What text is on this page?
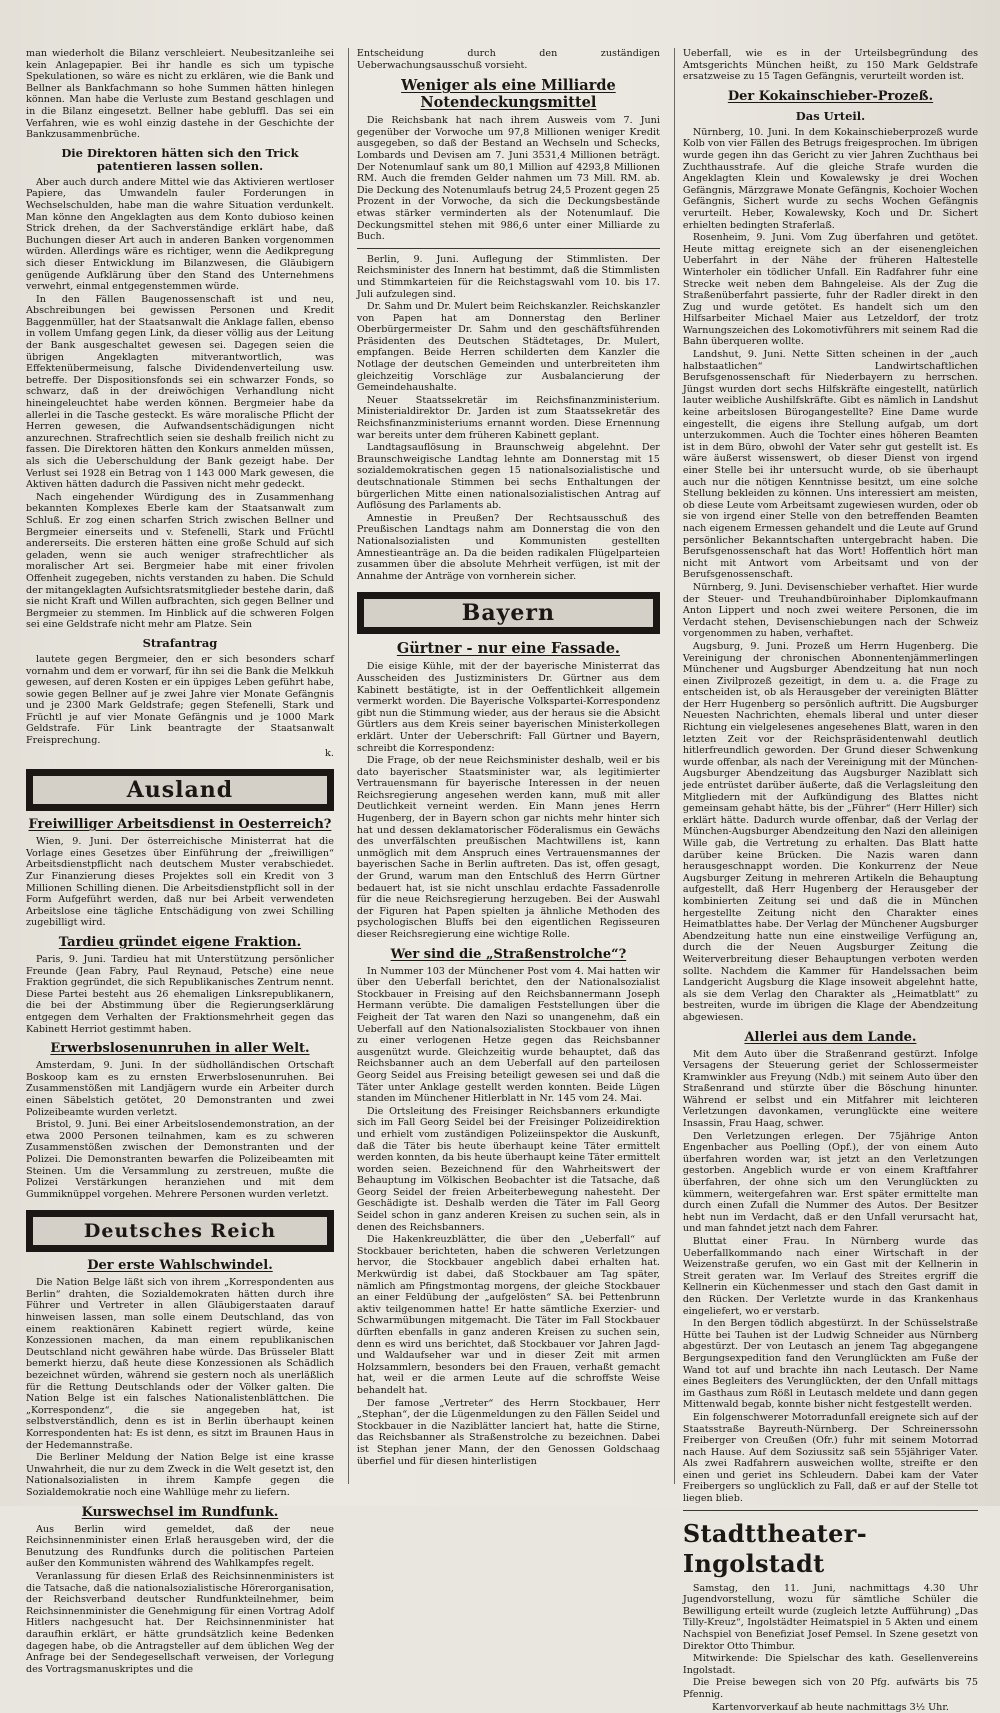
man wiederholt die Bilanz verschleiert. Neubesitzanleihe sei kein Anlagepapier. Bei ihr handle es sich um typische Spekulationen, so wäre es nicht zu erklären, wie die Bank und Bellner als Bankfachmann so hohe Summen hätten hinlegen können. Man habe die Verluste zum Bestand geschlagen und in die Bilanz eingesetzt. Bellner habe gebluffl. Das sei ein Verfahren, wie es wohl einzig dastehe in der Geschichte der Bankzusammenbrüche.

Die Direktoren hätten sich den Trick patentieren lassen sollen.

Aber auch durch andere Mittel wie das Aktivieren wertloser Papiere, das Umwandeln fauler Forderungen in Wechselschulden, habe man die wahre Situation verdunkelt. Man könne den Angeklagten aus dem Konto dubioso keinen Strick drehen, da der Sachverständige erklärt habe, daß Buchungen dieser Art auch in anderen Banken vorgenommen würden. Allerdings wäre es richtiger, wenn die Aedikpregung sich dieser Entwicklung im Bilanzwesen, die Gläubigern genügende Aufklärung über den Stand des Unternehmens verwehrt, einmal entgegenstemmen würde.

In den Fällen Baugenossenschaft ist und neu, Abschreibungen bei gewissen Personen und Kredit Baggenmüller, hat der Staatsanwalt die Anklage fallen, ebenso in vollem Umfang gegen Link, da dieser völlig aus der Leitung der Bank ausgeschaltet gewesen sei. Dagegen seien die übrigen Angeklagten mitverantwortlich, was Effektenübermeisung, falsche Dividendenverteilung usw. betreffe. Der Dispositionsfonds sei ein schwarzer Fonds, so schwarz, daß in der dreiwöchigen Verhandlung nicht hineingeleuchtet habe werden können. Bergmeier habe da allerlei in die Tasche gesteckt. Es wäre moralische Pflicht der Herren gewesen, die Aufwandsentschädigungen nicht anzurechnen. Strafrechtlich seien sie deshalb freilich nicht zu fassen. Die Direktoren hätten den Konkurs anmelden müssen, als sich die Ueberschuldung der Bank gezeigt habe. Der Verlust sei 1928 ein Betrag von 1 143 000 Mark gewesen, die Aktiven hätten dadurch die Passiven nicht mehr gedeckt.

Nach eingehender Würdigung des in Zusammenhang bekannten Komplexes Eberle kam der Staatsanwalt zum Schluß. Er zog einen scharfen Strich zwischen Bellner und Bergmeier einerseits und v. Stefenelli, Stark und Früchtl andererseits. Die ersteren hätten eine große Schuld auf sich geladen, wenn sie auch weniger strafrechtlicher als moralischer Art sei. Bergmeier habe mit einer frivolen Offenheit zugegeben, nichts verstanden zu haben. Die Schuld der mitangeklagten Aufsichtsratsmitglieder bestehe darin, daß sie nicht Kraft und Willen aufbrachten, sich gegen Bellner und Bergmeier zu stemmen. Im Hinblick auf die schweren Folgen sei eine Geldstrafe nicht mehr am Platze. Sein

Strafantrag

lautete gegen Bergmeier, den er sich besonders scharf vornahm und dem er vorwarf, für ihn sei die Bank die Melkkuh gewesen, auf deren Kosten er ein üppiges Leben geführt habe, sowie gegen Bellner auf je zwei Jahre vier Monate Gefängnis und je 2300 Mark Geldstrafe; gegen Stefenelli, Stark und Früchtl je auf vier Monate Gefängnis und je 1000 Mark Geldstrafe. Für Link beantragte der Staatsanwalt Freisprechung.

k.
Ausland
Freiwilliger Arbeitsdienst in Oesterreich?

Wien, 9. Juni. Der österreichische Ministerrat hat die Vorlage eines Gesetzes über Einführung der „freiwilligen“ Arbeitsdienstpflicht nach deutschem Muster verabschiedet. Zur Finanzierung dieses Projektes soll ein Kredit von 3 Millionen Schilling dienen. Die Arbeitsdienstpflicht soll in der Form Aufgeführt werden, daß nur bei Arbeit verwendeten Arbeitslose eine tägliche Entschädigung von zwei Schilling zugebilligt wird.

Tardieu gründet eigene Fraktion.

Paris, 9. Juni. Tardieu hat mit Unterstützung persönlicher Freunde (Jean Fabry, Paul Reynaud, Petsche) eine neue Fraktion gegründet, die sich Republikanisches Zentrum nennt. Diese Partei besteht aus 26 ehemaligen Linksrepublikanern, die bei der Abstimmung über die Regierungserklärung entgegen dem Verhalten der Fraktionsmehrheit gegen das Kabinett Herriot gestimmt haben.

Erwerbslosenunruhen in aller Welt.

Amsterdam, 9. Juni. In der südholländischen Ortschaft Boskoop kam es zu ernsten Erwerbslosenunruhen. Bei Zusammenstößen mit Landjägern wurde ein Arbeiter durch einen Säbelstich getötet, 20 Demonstranten und zwei Polizeibeamte wurden verletzt.

Bristol, 9. Juni. Bei einer Arbeitslosendemonstration, an der etwa 2000 Personen teilnahmen, kam es zu schweren Zusammenstößen zwischen der Demonstranten und der Polizei. Die Demonstranten bewarfen die Polizeibeamten mit Steinen. Um die Versammlung zu zerstreuen, mußte die Polizei Verstärkungen heranziehen und mit dem Gummiknüppel vorgehen. Mehrere Personen wurden verletzt.

Deutsches Reich
Der erste Wahlschwindel.

Die Nation Belge läßt sich von ihrem „Korrespondenten aus Berlin“ drahten, die Sozialdemokraten hätten durch ihre Führer und Vertreter in allen Gläubigerstaaten darauf hinweisen lassen, man solle einem Deutschland, das von einem reaktionären Kabinett regiert würde, keine Konzessionen machen, da man einem republikanischen Deutschland nicht gewähren habe würde. Das Brüsseler Blatt bemerkt hierzu, daß heute diese Konzessionen als Schädlich bezeichnet würden, während sie gestern noch als unerläßlich für die Rettung Deutschlands oder der Völker galten. Die Nation Belge ist ein falsches Nationalistenblättchen. Die „Korrespondenz“, die sie angegeben hat, ist selbstverständlich, denn es ist in Berlin überhaupt keinen Korrespondenten hat: Es ist denn, es sitzt im Braunen Haus in der Hedemannstraße.

Die Berliner Meldung der Nation Belge ist eine krasse Unwahrheit, die nur zu dem Zweck in die Welt gesetzt ist, den Nationalsozialisten in ihrem Kampfe gegen die Sozialdemokratie noch eine Wahllüge mehr zu liefern.

Kurswechsel im Rundfunk.

Aus Berlin wird gemeldet, daß der neue Reichsinnenminister einen Erlaß herausgeben wird, der die Benutzung des Rundfunks durch die politischen Parteien außer den Kommunisten während des Wahlkampfes regelt.

Veranlassung für diesen Erlaß des Reichsinnenministers ist die Tatsache, daß die nationalsozialistische Hörerorganisation, der Reichsverband deutscher Rundfunkteilnehmer, beim Reichsinnenminister die Genehmigung für einen Vortrag Adolf Hitlers nachgesucht hat. Der Reichsinnenminister hat daraufhin erklärt, er hätte grundsätzlich keine Bedenken dagegen habe, ob die Antragsteller auf dem üblichen Weg der Anfrage bei der Sendegesellschaft verweisen, der Vorlegung des Vortragsmanuskriptes und die

Entscheidung durch den zuständigen Ueberwachungsausschuß vorsieht.

Weniger als eine Milliarde Notendeckungsmittel

Die Reichsbank hat nach ihrem Ausweis vom 7. Juni gegenüber der Vorwoche um 97,8 Millionen weniger Kredit ausgegeben, so daß der Bestand an Wechseln und Schecks, Lombards und Devisen am 7. Juni 3531,4 Millionen beträgt. Der Notenumlauf sank um 80,1 Million auf 4293,8 Millionen RM. Auch die fremden Gelder nahmen um 73 Mill. RM. ab. Die Deckung des Notenumlaufs betrug 24,5 Prozent gegen 25 Prozent in der Vorwoche, da sich die Deckungsbestände etwas stärker verminderten als der Notenumlauf. Die Deckungsmittel stehen mit 986,6 unter einer Milliarde zu Buch.

Berlin, 9. Juni. Auflegung der Stimmlisten. Der Reichsminister des Innern hat bestimmt, daß die Stimmlisten und Stimmkarteien für die Reichstagswahl vom 10. bis 17. Juli aufzulegen sind.

Dr. Sahm und Dr. Mulert beim Reichskanzler. Reichskanzler von Papen hat am Donnerstag den Berliner Oberbürgermeister Dr. Sahm und den geschäftsführenden Präsidenten des Deutschen Städtetages, Dr. Mulert, empfangen. Beide Herren schilderten dem Kanzler die Notlage der deutschen Gemeinden und unterbreiteten ihm gleichzeitig Vorschläge zur Ausbalancierung der Gemeindehaushalte.

Neuer Staatssekretär im Reichsfinanzministerium. Ministerialdirektor Dr. Jarden ist zum Staatssekretär des Reichsfinanzministeriums ernannt worden. Diese Ernennung war bereits unter dem früheren Kabinett geplant.

Landtagsauflösung in Braunschweig abgelehnt. Der Braunschweigische Landtag lehnte am Donnerstag mit 15 sozialdemokratischen gegen 15 nationalsozialistische und deutschnationale Stimmen bei sechs Enthaltungen der bürgerlichen Mitte einen nationalsozialistischen Antrag auf Auflösung des Parlaments ab.

Amnestie in Preußen? Der Rechtsausschuß des Preußischen Landtags nahm am Donnerstag die von den Nationalsozialisten und Kommunisten gestellten Amnestieanträge an. Da die beiden radikalen Flügelparteien zusammen über die absolute Mehrheit verfügen, ist mit der Annahme der Anträge von vornherein sicher.

Bayern
Gürtner - nur eine Fassade.

Die eisige Kühle, mit der der bayerische Ministerrat das Ausscheiden des Justizministers Dr. Gürtner aus dem Kabinett bestätigte, ist in der Oeffentlichkeit allgemein vermerkt worden. Die Bayerische Volkspartei-Korrespondenz gibt nun die Stimmung wieder, aus der heraus sie die Absicht Gürtlers aus dem Kreis seiner bayerischen Ministerkollegen erklärt. Unter der Ueberschrift: Fall Gürtner und Bayern, schreibt die Korrespondenz:

Die Frage, ob der neue Reichsminister deshalb, weil er bis dato bayerischer Staatsminister war, als legitimierter Vertrauensmann für bayerische Interessen in der neuen Reichsregierung angesehen werden kann, muß mit aller Deutlichkeit verneint werden. Ein Mann jenes Herrn Hugenberg, der in Bayern schon gar nichts mehr hinter sich hat und dessen deklamatorischer Föderalismus ein Gewächs des unverfälschten preußischen Machtwillens ist, kann unmöglich mit dem Anspruch eines Vertrauensmannes der bayerischen Sache in Berlin auftreten. Das ist, offen gesagt, der Grund, warum man den Entschluß des Herrn Gürtner bedauert hat, ist sie nicht unschlau erdachte Fassadenrolle für die neue Reichsregierung herzugeben. Bei der Auswahl der Figuren hat Papen spielten ja ähnliche Methoden des psychologischen Bluffs bei den eigentlichen Regisseuren dieser Reichsregierung eine wichtige Rolle.

Wer sind die „Straßenstrolche“?

In Nummer 103 der Münchener Post vom 4. Mai hatten wir über den Ueberfall berichtet, den der Nationalsozialist Stockbauer in Freising auf den Reichsbannermann Joseph Hermann verübte. Die damaligen Feststellungen über die Feigheit der Tat waren den Nazi so unangenehm, daß ein Ueberfall auf den Nationalsozialisten Stockbauer von ihnen zu einer verlogenen Hetze gegen das Reichsbanner ausgenützt wurde. Gleichzeitig wurde behauptet, daß das Reichsbanner auch an dem Ueberfall auf den parteilosen Georg Seidel aus Freising beteiligt gewesen sei und daß die Täter unter Anklage gestellt werden konnten. Beide Lügen standen im Münchener Hitlerblatt in Nr. 145 vom 24. Mai.

Die Ortsleitung des Freisinger Reichsbanners erkundigte sich im Fall Georg Seidel bei der Freisinger Polizeidirektion und erhielt vom zuständigen Polizeiinspektor die Auskunft, daß die Täter bis heute überhaupt keine Täter ermittelt werden konnten, da bis heute überhaupt keine Täter ermittelt worden seien. Bezeichnend für den Wahrheitswert der Behauptung im Völkischen Beobachter ist die Tatsache, daß Georg Seidel der freien Arbeiterbewegung nahesteht. Der Geschädigte ist. Deshalb werden die Täter im Fall Georg Seidel schon in ganz anderen Kreisen zu suchen sein, als in denen des Reichsbanners.

Die Hakenkreuzblätter, die über den „Ueberfall“ auf Stockbauer berichteten, haben die schweren Verletzungen hervor, die Stockbauer angeblich dabei erhalten hat. Merkwürdig ist dabei, daß Stockbauer am Tag später, nämlich am Pfingstmontag morgens, der gleiche Stockbauer an einer Feldübung der „aufgelösten“ SA. bei Pettenbrunn aktiv teilgenommen hatte! Er hatte sämtliche Exerzier- und Schwarmübungen mitgemacht. Die Täter im Fall Stockbauer dürften ebenfalls in ganz anderen Kreisen zu suchen sein, denn es wird uns berichtet, daß Stockbauer vor Jahren Jagd- und Waldaufseher war und in dieser Zeit mit armen Holzsammlern, besonders bei den Frauen, verhaßt gemacht hat, weil er die armen Leute auf die schroffste Weise behandelt hat.

Der famose „Vertreter“ des Herrn Stockbauer, Herr „Stephan“, der die Lügenmeldungen zu den Fällen Seidel und Stockbauer in die Naziblätter lanciert hat, hatte die Stirne, das Reichsbanner als Straßenstrolche zu bezeichnen. Dabei ist Stephan jener Mann, der den Genossen Goldschaag überfiel und für diesen hinterlistigen

Ueberfall, wie es in der Urteilsbegründung des Amtsgerichts München heißt, zu 150 Mark Geldstrafe ersatzweise zu 15 Tagen Gefängnis, verurteilt worden ist.

Der Kokainschieber-Prozeß.
Das Urteil.

Nürnberg, 10. Juni. In dem Kokainschieberprozeß wurde Kolb von vier Fällen des Betrugs freigesprochen. Im übrigen wurde gegen ihn das Gericht zu vier Jahren Zuchthaus bei Zuchthausstrafe. Auf die gleiche Strafe wurden die Angeklagten Klein und Kowalewsky je drei Wochen Gefängnis, Märzgrawe Monate Gefängnis, Kochoier Wochen Gefängnis, Sichert wurde zu sechs Wochen Gefängnis verurteilt. Heber, Kowalewsky, Koch und Dr. Sichert erhielten bedingten Straferlaß.

Rosenheim, 9. Juni. Vom Zug überfahren und getötet. Heute mittag ereignete sich an der eisenengleichen Ueberfahrt in der Nähe der früheren Haltestelle Winterholer ein tödlicher Unfall. Ein Radfahrer fuhr eine Strecke weit neben dem Bahngeleise. Als der Zug die Straßenüberfahrt passierte, fuhr der Radler direkt in den Zug und wurde getötet. Es handelt sich um den Hilfsarbeiter Michael Maier aus Letzeldorf, der trotz Warnungszeichen des Lokomotivführers mit seinem Rad die Bahn überqueren wollte.

Landshut, 9. Juni. Nette Sitten scheinen in der „auch halbstaatlichen“ Landwirtschaftlichen Berufsgenossenschaft für Niederbayern zu herrschen. Jüngst wurden dort sechs Hilfskräfte eingestellt, natürlich lauter weibliche Aushilfskräfte. Gibt es nämlich in Landshut keine arbeitslosen Bürogangestellte? Eine Dame wurde eingestellt, die eigens ihre Stellung aufgab, um dort unterzukommen. Auch die Tochter eines höheren Beamten ist in dem Büro, obwohl der Vater sehr gut gestellt ist. Es wäre äußerst wissenswert, ob dieser Dienst von irgend einer Stelle bei ihr untersucht wurde, ob sie überhaupt auch nur die nötigen Kenntnisse besitzt, um eine solche Stellung bekleiden zu können. Uns interessiert am meisten, ob diese Leute vom Arbeitsamt zugewiesen wurden, oder ob sie von irgend einer Stelle von den betreffenden Beamten nach eigenem Ermessen gehandelt und die Leute auf Grund persönlicher Bekanntschaften untergebracht haben. Die Berufsgenossenschaft hat das Wort! Hoffentlich hört man nicht mit Antwort vom Arbeitsamt und von der Berufsgenossenschaft.

Nürnberg, 9. Juni. Devisenschieber verhaftet. Hier wurde der Steuer- und Treuhandbüroinhaber Diplomkaufmann Anton Lippert und noch zwei weitere Personen, die im Verdacht stehen, Devisenschiebungen nach der Schweiz vorgenommen zu haben, verhaftet.

Augsburg, 9. Juni. Prozeß um Herrn Hugenberg. Die Vereinigung der chronischen Abonnentenjämmerlingen Münchener und Augsburger Abendzeitung hat nun noch einen Zivilprozeß gezeitigt, in dem u. a. die Frage zu entscheiden ist, ob als Herausgeber der vereinigten Blätter der Herr Hugenberg so persönlich auftritt. Die Augsburger Neuesten Nachrichten, ehemals liberal und unter dieser Richtung ein vielgelesenes angesehenes Blatt, waren in den letzten Zeit vor der Reichspräsidentenwahl deutlich hitlerfreundlich geworden. Der Grund dieser Schwenkung wurde offenbar, als nach der Vereinigung mit der München-Augsburger Abendzeitung das Augsburger Naziblatt sich jede entrüstet darüber äußerte, daß die Verlagsleitung den Mitgliedern mit der Aufkündigung des Blattes nicht gemeinsam gehabt hätte, bis der „Führer“ (Herr Hiller) sich erklärt hätte. Dadurch wurde offenbar, daß der Verlag der München-Augsburger Abendzeitung den Nazi den alleinigen Wille gab, die Vertretung zu erhalten. Das Blatt hatte darüber keine Brücken. Die Nazis waren dann herausgeschnappt worden. Die Konkurrenz der Neue Augsburger Zeitung in mehreren Artikeln die Behauptung aufgestellt, daß Herr Hugenberg der Herausgeber der kombinierten Zeitung sei und daß die in München hergestellte Zeitung nicht den Charakter eines Heimatblattes habe. Der Verlag der Münchener Augsburger Abendzeitung hatte nun eine einstweilige Verfügung an, durch die der Neuen Augsburger Zeitung die Weiterverbreitung dieser Behauptungen verboten werden sollte. Nachdem die Kammer für Handelssachen beim Landgericht Augsburg die Klage insoweit abgelehnt hatte, als sie dem Verlag den Charakter als „Heimatblatt“ zu bestreiten, wurde im übrigen die Klage der Abendzeitung abgewiesen.

Allerlei aus dem Lande.

Mit dem Auto über die Straßenrand gestürzt. Infolge Versagens der Steuerung geriet der Schlossermeister Kramwinkler aus Freyung (Ndb.) mit seinem Auto über den Straßenrand und stürzte über die Böschung hinunter. Während er selbst und ein Mitfahrer mit leichteren Verletzungen davonkamen, verunglückte eine weitere Insassin, Frau Haag, schwer.

Den Verletzungen erlegen. Der 75jährige Anton Engenbacher aus Poelling (Opf.), der von einem Auto überfahren worden war, ist jetzt an den Verletzungen gestorben. Angeblich wurde er von einem Kraftfahrer überfahren, der ohne sich um den Verunglückten zu kümmern, weitergefahren war. Erst später ermittelte man durch einen Zufall die Nummer des Autos. Der Besitzer hebt nun im Verdacht, daß er den Unfall verursacht hat, und man fahndet jetzt nach dem Fahrer.

Bluttat einer Frau. In Nürnberg wurde das Ueberfallkommando nach einer Wirtschaft in der Weizenstraße gerufen, wo ein Gast mit der Kellnerin in Streit geraten war. Im Verlauf des Streites ergriff die Kellnerin ein Küchenmesser und stach den Gast damit in den Rücken. Der Verletzte wurde in das Krankenhaus eingeliefert, wo er verstarb.

In den Bergen tödlich abgestürzt. In der Schüsselstraße Hütte bei Tauhen ist der Ludwig Schneider aus Nürnberg abgestürzt. Der von Leutasch an jenem Tag abgegangene Bergungsexpedition fand den Verunglückten am Fuße der Wand tot auf und brachte ihn nach Leutasch. Der Name eines Begleiters des Verunglückten, der den Unfall mittags im Gasthaus zum Rößl in Leutasch meldete und dann gegen Mittenwald begab, konnte bisher nicht festgestellt werden.

Ein folgenschwerer Motorradunfall ereignete sich auf der Staatsstraße Bayreuth-Nürnberg. Der Schreinerssohn Freiberger von Creußen (Ofr.) fuhr mit seinem Motorrad nach Hause. Auf dem Soziussitz saß sein 55jähriger Vater. Als zwei Radfahrern ausweichen wollte, streifte er den einen und geriet ins Schleudern. Dabei kam der Vater Freibergers so unglücklich zu Fall, daß er auf der Stelle tot liegen blieb.

Stadttheater-Ingolstadt

Samstag, den 11. Juni, nachmittags 4.30 Uhr Jugendvorstellung, wozu für sämtliche Schüler die Bewilligung erteilt wurde (zugleich letzte Aufführung) „Das Tilly-Kreuz“, Ingolstädter Heimatspiel in 5 Akten und einem Nachspiel von Benefiziat Josef Pemsel. In Szene gesetzt von Direktor Otto Thimbur.

Mitwirkende: Die Spielschar des kath. Gesellenvereins Ingolstadt.

Die Preise bewegen sich von 20 Pfg. aufwärts bis 75 Pfennig.

Kartenvorverkauf ab heute nachmittags 3½ Uhr.
